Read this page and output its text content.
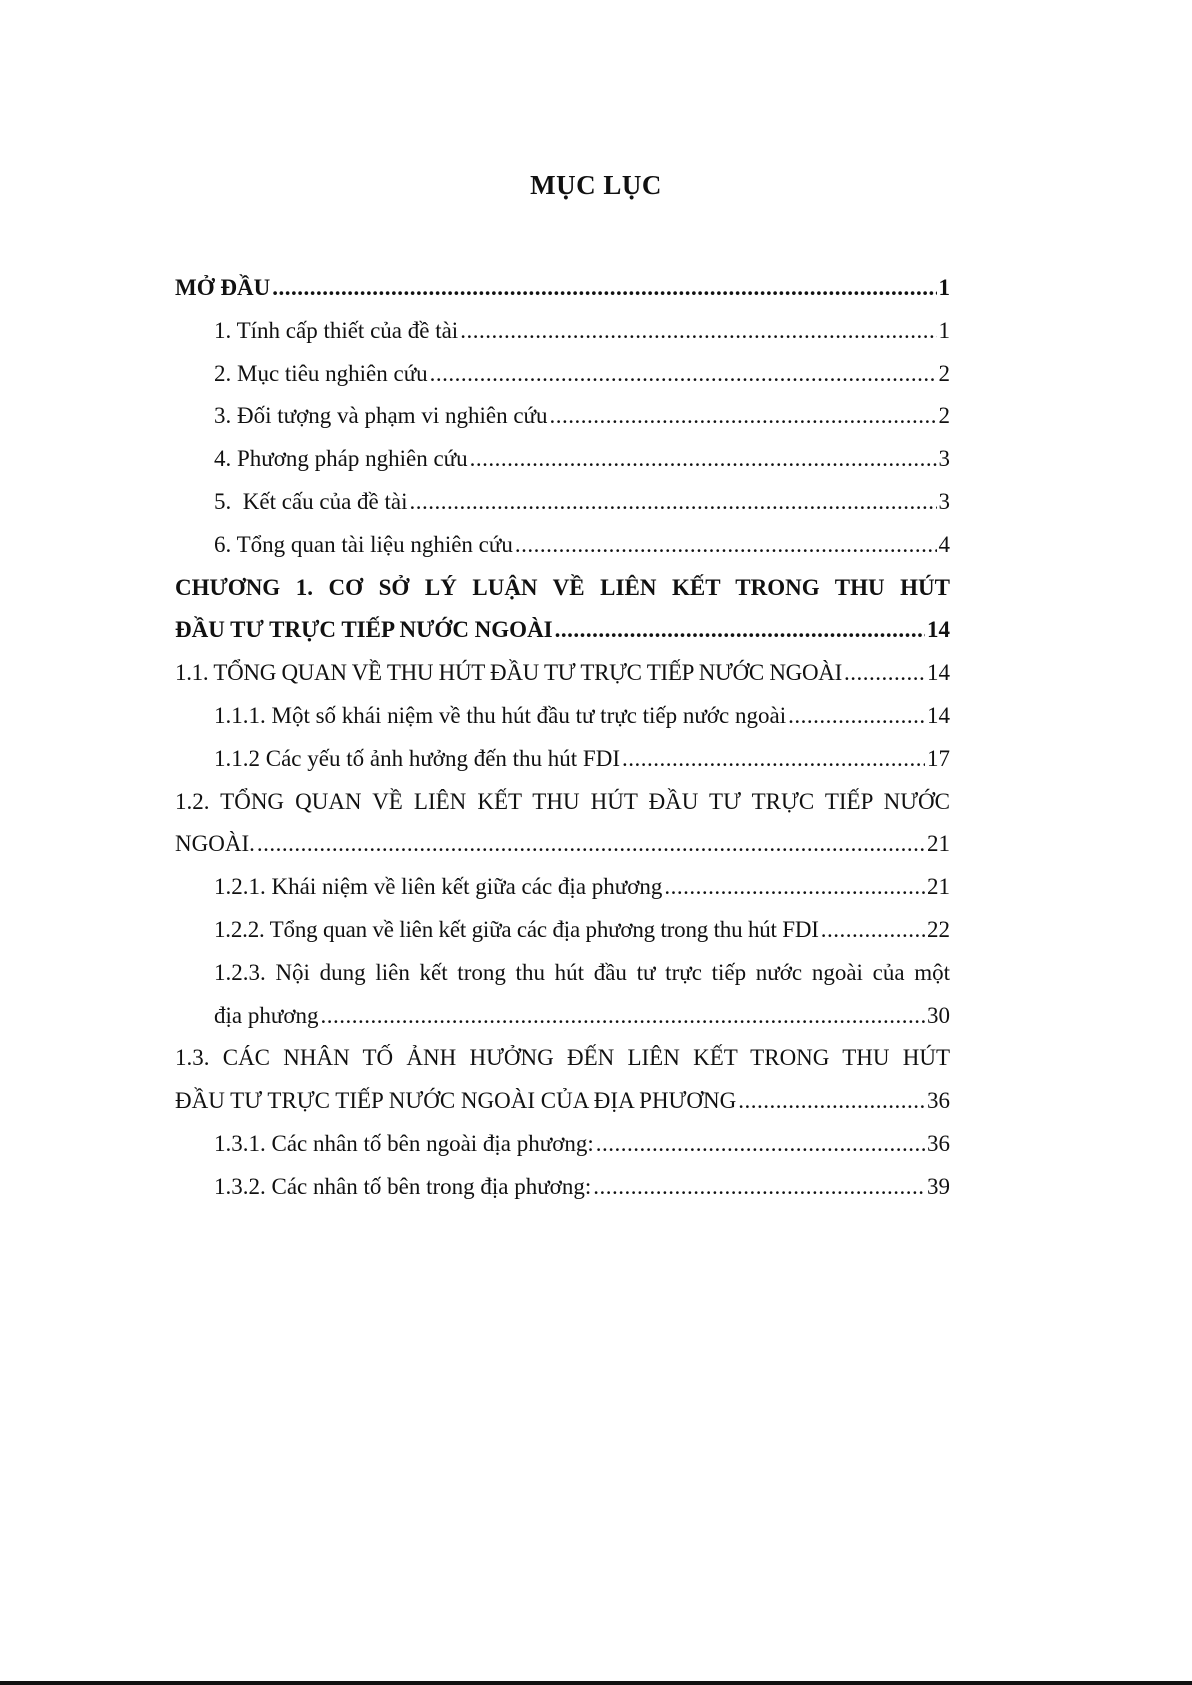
MỤC LỤC
MỞ ĐẦU .....	1
1. Tính cấp thiết của đề tài .....	1
2. Mục tiêu nghiên cứu .....	2
3. Đối tượng và phạm vi nghiên cứu .....	2
4. Phương pháp nghiên cứu .....	3
5.  Kết cấu của đề tài .....	3
6. Tổng quan tài liệu nghiên cứu .....	4
CHƯƠNG 1. CƠ SỞ LÝ LUẬN VỀ LIÊN KẾT TRONG THU HÚT
ĐẦU TƯ TRỰC TIẾP NƯỚC NGOÀI .....	14
1.1. TỔNG QUAN VỀ THU HÚT ĐẦU TƯ TRỰC TIẾP NƯỚC NGOÀI .....	14
1.1.1. Một số khái niệm về thu hút đầu tư trực tiếp nước ngoài .....	14
1.1.2 Các yếu tố ảnh hưởng đến thu hút FDI .....	17
1.2. TỔNG QUAN VỀ LIÊN KẾT THU HÚT ĐẦU TƯ TRỰC TIẾP NƯỚC
NGOÀI. .....	21
1.2.1. Khái niệm về liên kết giữa các địa phương .....	21
1.2.2. Tổng quan về liên kết giữa các địa phương trong thu hút FDI .....	22
1.2.3. Nội dung liên kết trong thu hút đầu tư trực tiếp nước ngoài của một
địa phương .....	30
1.3. CÁC NHÂN TỐ ẢNH HƯỞNG ĐẾN LIÊN KẾT TRONG THU HÚT
ĐẦU TƯ TRỰC TIẾP NƯỚC NGOÀI CỦA ĐỊA PHƯƠNG .....	36
1.3.1. Các nhân tố bên ngoài địa phương: .....	36
1.3.2. Các nhân tố bên trong địa phương: .....	39
